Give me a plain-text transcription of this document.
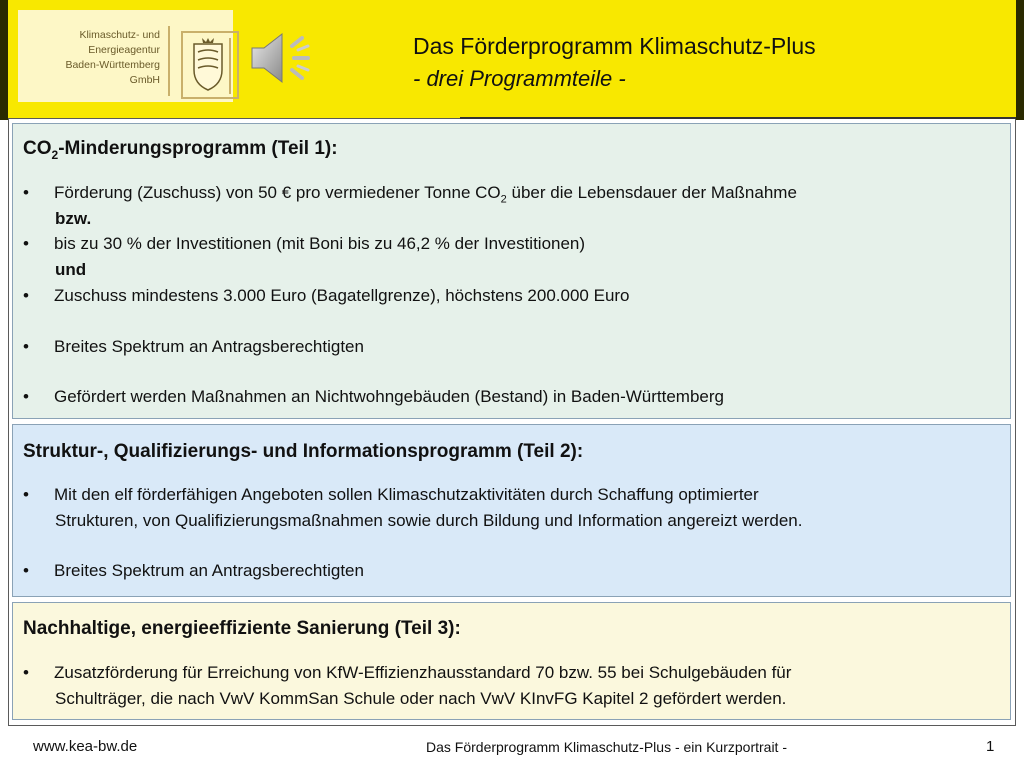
Klimaschutz- und
Energieagentur
Baden-Württemberg
GmbH
Das Förderprogramm Klimaschutz-Plus
- drei Programmteile -
$CO_2$-Minderungsprogramm (Teil 1):
• Förderung (Zuschuss) von 50 € pro vermiedener Tonne $CO_2$ über die Lebensdauer der Maßnahme
bzw.
• bis zu 30 % der Investitionen (mit Boni bis zu 46,2 % der Investitionen)
und
• Zuschuss mindestens 3.000 Euro (Bagatellgrenze), höchstens 200.000 Euro
• Breites Spektrum an Antragsberechtigten
• Gefördert werden Maßnahmen an Nichtwohngebäuden (Bestand) in Baden-Württemberg
Struktur-, Qualifizierungs- und Informationsprogramm (Teil 2):
• Mit den elf förderfähigen Angeboten sollen Klimaschutzaktivitäten durch Schaffung optimierter
Strukturen, von Qualifizierungsmaßnahmen sowie durch Bildung und Information angereizt werden.
• Breites Spektrum an Antragsberechtigten
Nachhaltige, energieeffiziente Sanierung (Teil 3):
• Zusatzförderung für Erreichung von KfW-Effizienzhausstandard 70 bzw. 55 bei Schulgebäuden für
Schulträger, die nach VwV KommSan Schule oder nach VwV KInvFG Kapitel 2 gefördert werden.
www.kea-bw.de	Das Förderprogramm Klimaschutz-Plus - ein Kurzportrait -	1
